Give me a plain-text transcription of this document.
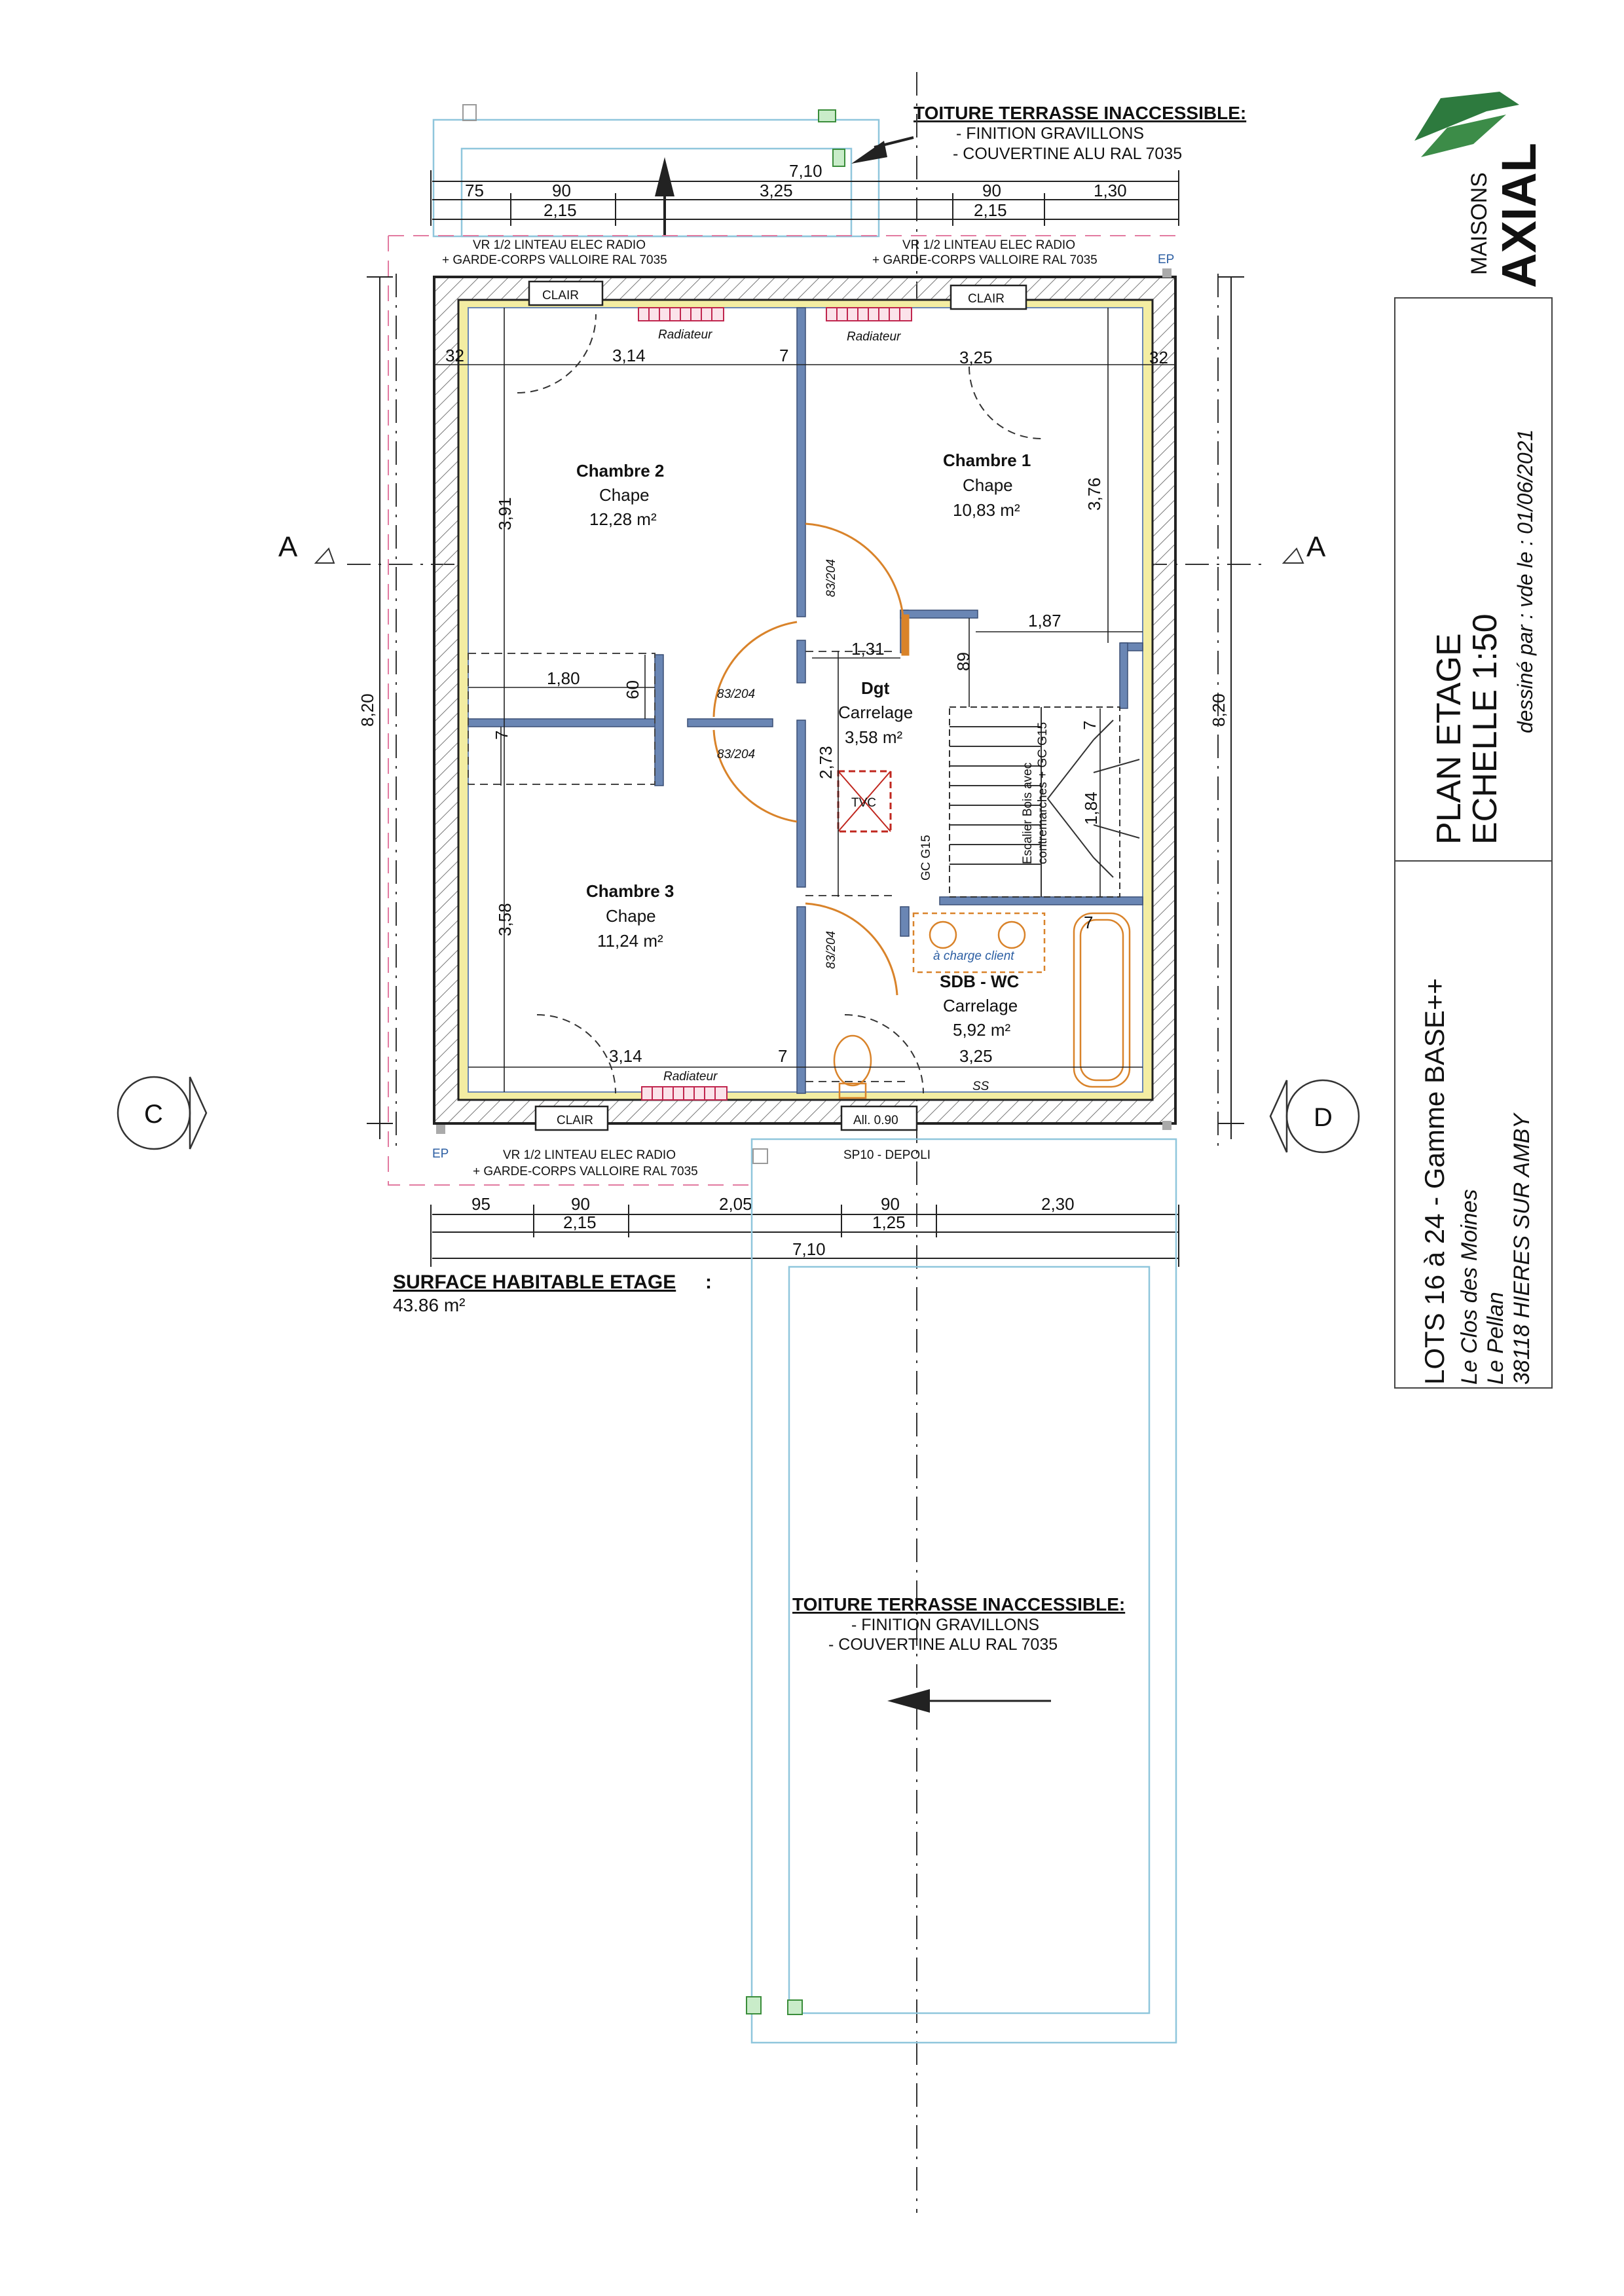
TOITURE TERRASSE INACCESSIBLE:
- FINITION GRAVILLONS
- COUVERTINE ALU RAL 7035
7,10
75	90	3,25	90	1,30
2,15	2,15
VR 1/2 LINTEAU ELEC RADIO
+ GARDE-CORPS VALLOIRE RAL 7035
VR 1/2 LINTEAU ELEC RADIO
+ GARDE-CORPS VALLOIRE RAL 7035	EP
EP
CLAIR	CLAIR
CLAIR	All. 0.90
Radiateur	Radiateur
Radiateur
Escalier Bois avec contremarches + GC G15
GC G15
TVC
à charge client
SS
Chambre 2
Chape
12,28 m²
Chambre 1
Chape
10,83 m²
Chambre 3
Chape
11,24 m²
Dgt
Carrelage
3,58 m²
SDB - WC
Carrelage
5,92 m²
83/204
83/204
83/204
83/204
32	3,14	7	3,25	32
3,91
3,58
3,76
1,31
2,73
1,87
89
7
1,84
7
1,80
60
7
3,14	7	3,25
8,20	8,20
A	A
C	D
VR 1/2 LINTEAU ELEC RADIO
+ GARDE-CORPS VALLOIRE RAL 7035
SP10 - DEPOLI
95	90	2,05	90	2,30
2,15	1,25
7,10
SURFACE HABITABLE ETAGE :
43.86 m²
TOITURE TERRASSE INACCESSIBLE:
- FINITION GRAVILLONS
- COUVERTINE ALU RAL 7035
MAISONS AXIAL
dessiné par : vde le : 01/06/2021
PLAN ETAGE
ECHELLE 1:50
LOTS 16 à 24 - Gamme BASE++ Le Clos des Moines Le Pellan 38118 HIERES SUR AMBY
